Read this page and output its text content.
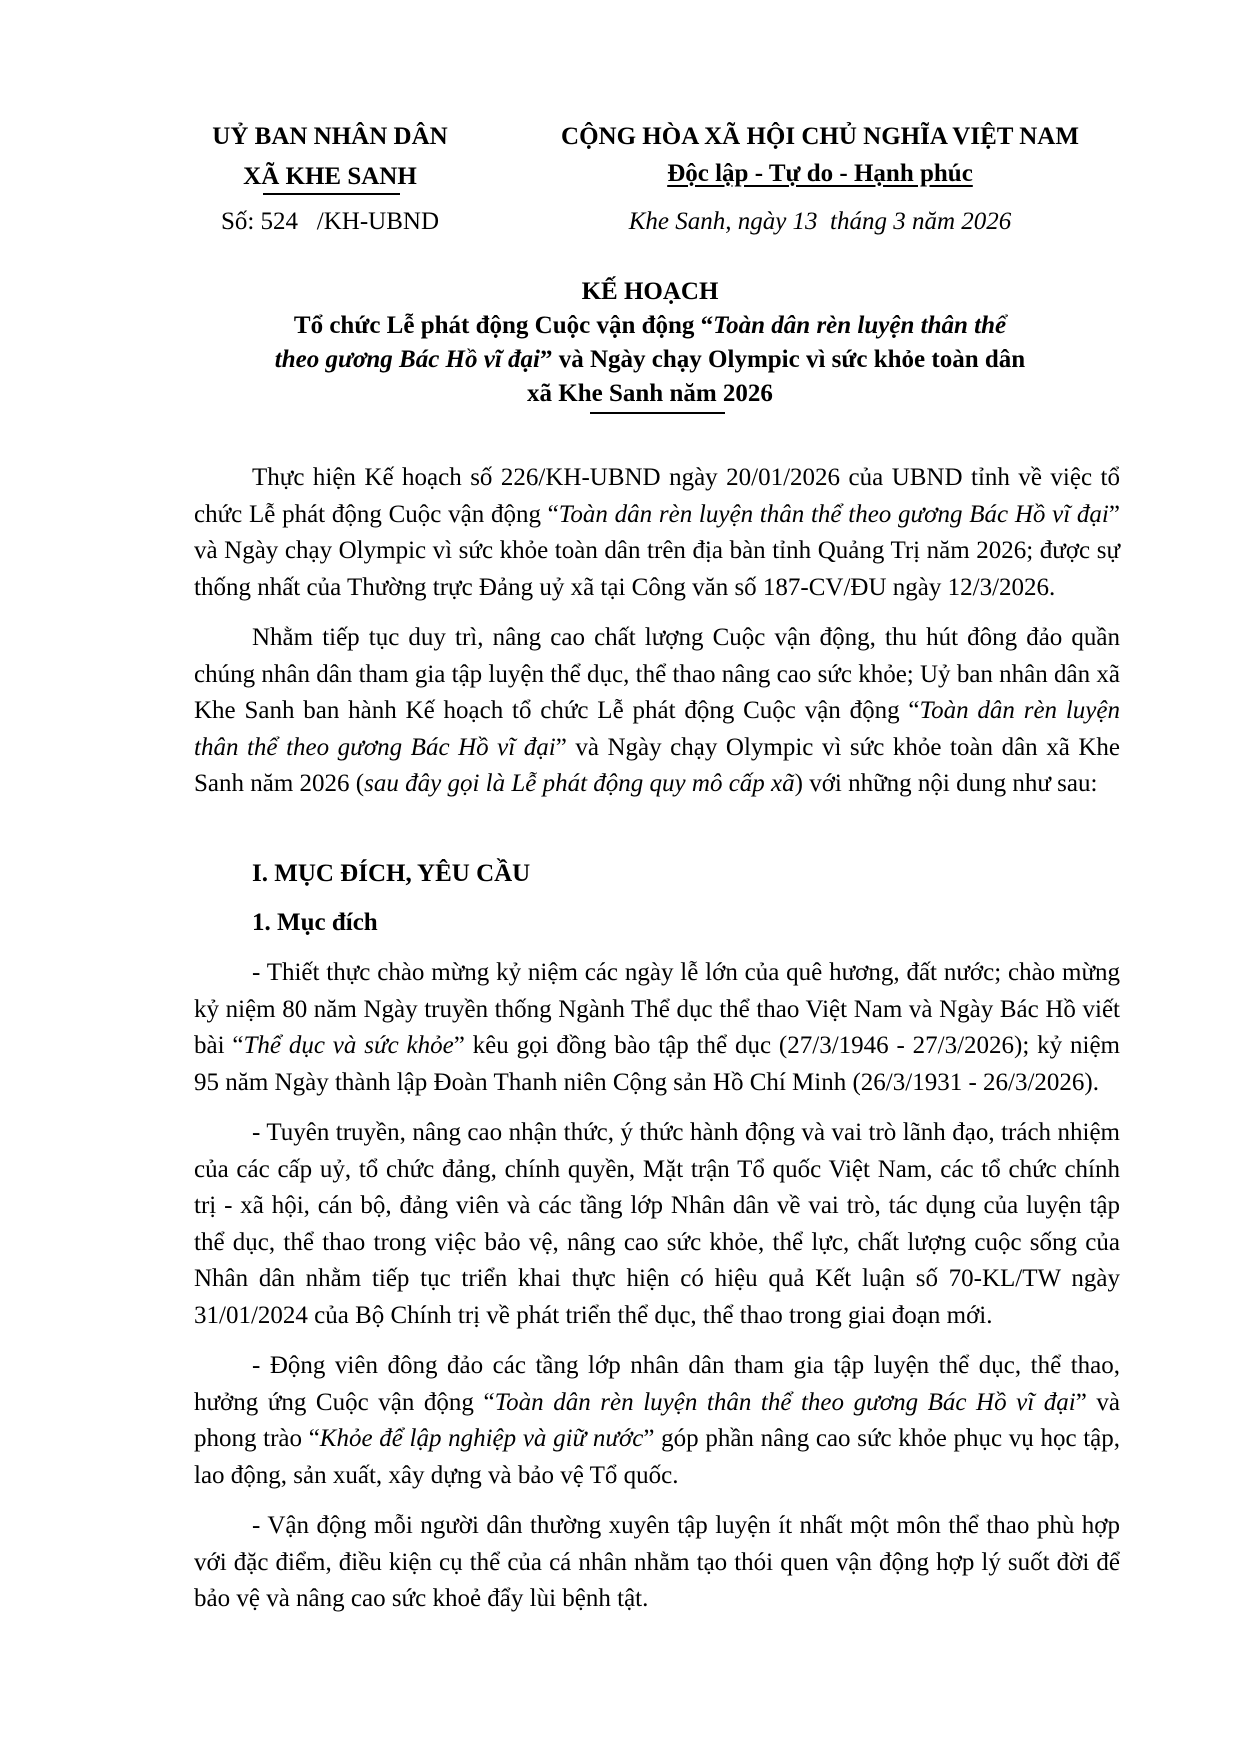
UỶ BAN NHÂN DÂN
XÃ KHE SANH
Số: 524   /KH-UBND
CỘNG HÒA XÃ HỘI CHỦ NGHĨA VIỆT NAM
Độc lập - Tự do - Hạnh phúc
Khe Sanh, ngày 13  tháng 3 năm 2026
KẾ HOẠCH
Tổ chức Lễ phát động Cuộc vận động “Toàn dân rèn luyện thân thể
theo gương Bác Hồ vĩ đại” và Ngày chạy Olympic vì sức khỏe toàn dân
xã Khe Sanh năm 2026

Thực hiện Kế hoạch số 226/KH-UBND ngày 20/01/2026 của UBND tỉnh về việc tổ chức Lễ phát động Cuộc vận động “Toàn dân rèn luyện thân thể theo gương Bác Hồ vĩ đại” và Ngày chạy Olympic vì sức khỏe toàn dân trên địa bàn tỉnh Quảng Trị năm 2026; được sự thống nhất của Thường trực Đảng uỷ xã tại Công văn số 187-CV/ĐU ngày 12/3/2026.

Nhằm tiếp tục duy trì, nâng cao chất lượng Cuộc vận động, thu hút đông đảo quần chúng nhân dân tham gia tập luyện thể dục, thể thao nâng cao sức khỏe; Uỷ ban nhân dân xã Khe Sanh ban hành Kế hoạch tổ chức Lễ phát động Cuộc vận động “Toàn dân rèn luyện thân thể theo gương Bác Hồ vĩ đại” và Ngày chạy Olympic vì sức khỏe toàn dân xã Khe Sanh năm 2026 (sau đây gọi là Lễ phát động quy mô cấp xã) với những nội dung như sau:

I. MỤC ĐÍCH, YÊU CẦU
1. Mục đích

- Thiết thực chào mừng kỷ niệm các ngày lễ lớn của quê hương, đất nước; chào mừng kỷ niệm 80 năm Ngày truyền thống Ngành Thể dục thể thao Việt Nam và Ngày Bác Hồ viết bài “Thể dục và sức khỏe” kêu gọi đồng bào tập thể dục (27/3/1946 - 27/3/2026); kỷ niệm 95 năm Ngày thành lập Đoàn Thanh niên Cộng sản Hồ Chí Minh (26/3/1931 - 26/3/2026).

- Tuyên truyền, nâng cao nhận thức, ý thức hành động và vai trò lãnh đạo, trách nhiệm của các cấp uỷ, tổ chức đảng, chính quyền, Mặt trận Tổ quốc Việt Nam, các tổ chức chính trị - xã hội, cán bộ, đảng viên và các tầng lớp Nhân dân về vai trò, tác dụng của luyện tập thể dục, thể thao trong việc bảo vệ, nâng cao sức khỏe, thể lực, chất lượng cuộc sống của Nhân dân nhằm tiếp tục triển khai thực hiện có hiệu quả Kết luận số 70-KL/TW ngày 31/01/2024 của Bộ Chính trị về phát triển thể dục, thể thao trong giai đoạn mới.

- Động viên đông đảo các tầng lớp nhân dân tham gia tập luyện thể dục, thể thao, hưởng ứng Cuộc vận động “Toàn dân rèn luyện thân thể theo gương Bác Hồ vĩ đại” và phong trào “Khỏe để lập nghiệp và giữ nước” góp phần nâng cao sức khỏe phục vụ học tập, lao động, sản xuất, xây dựng và bảo vệ Tổ quốc.

- Vận động mỗi người dân thường xuyên tập luyện ít nhất một môn thể thao phù hợp với đặc điểm, điều kiện cụ thể của cá nhân nhằm tạo thói quen vận động hợp lý suốt đời để bảo vệ và nâng cao sức khoẻ đẩy lùi bệnh tật.
